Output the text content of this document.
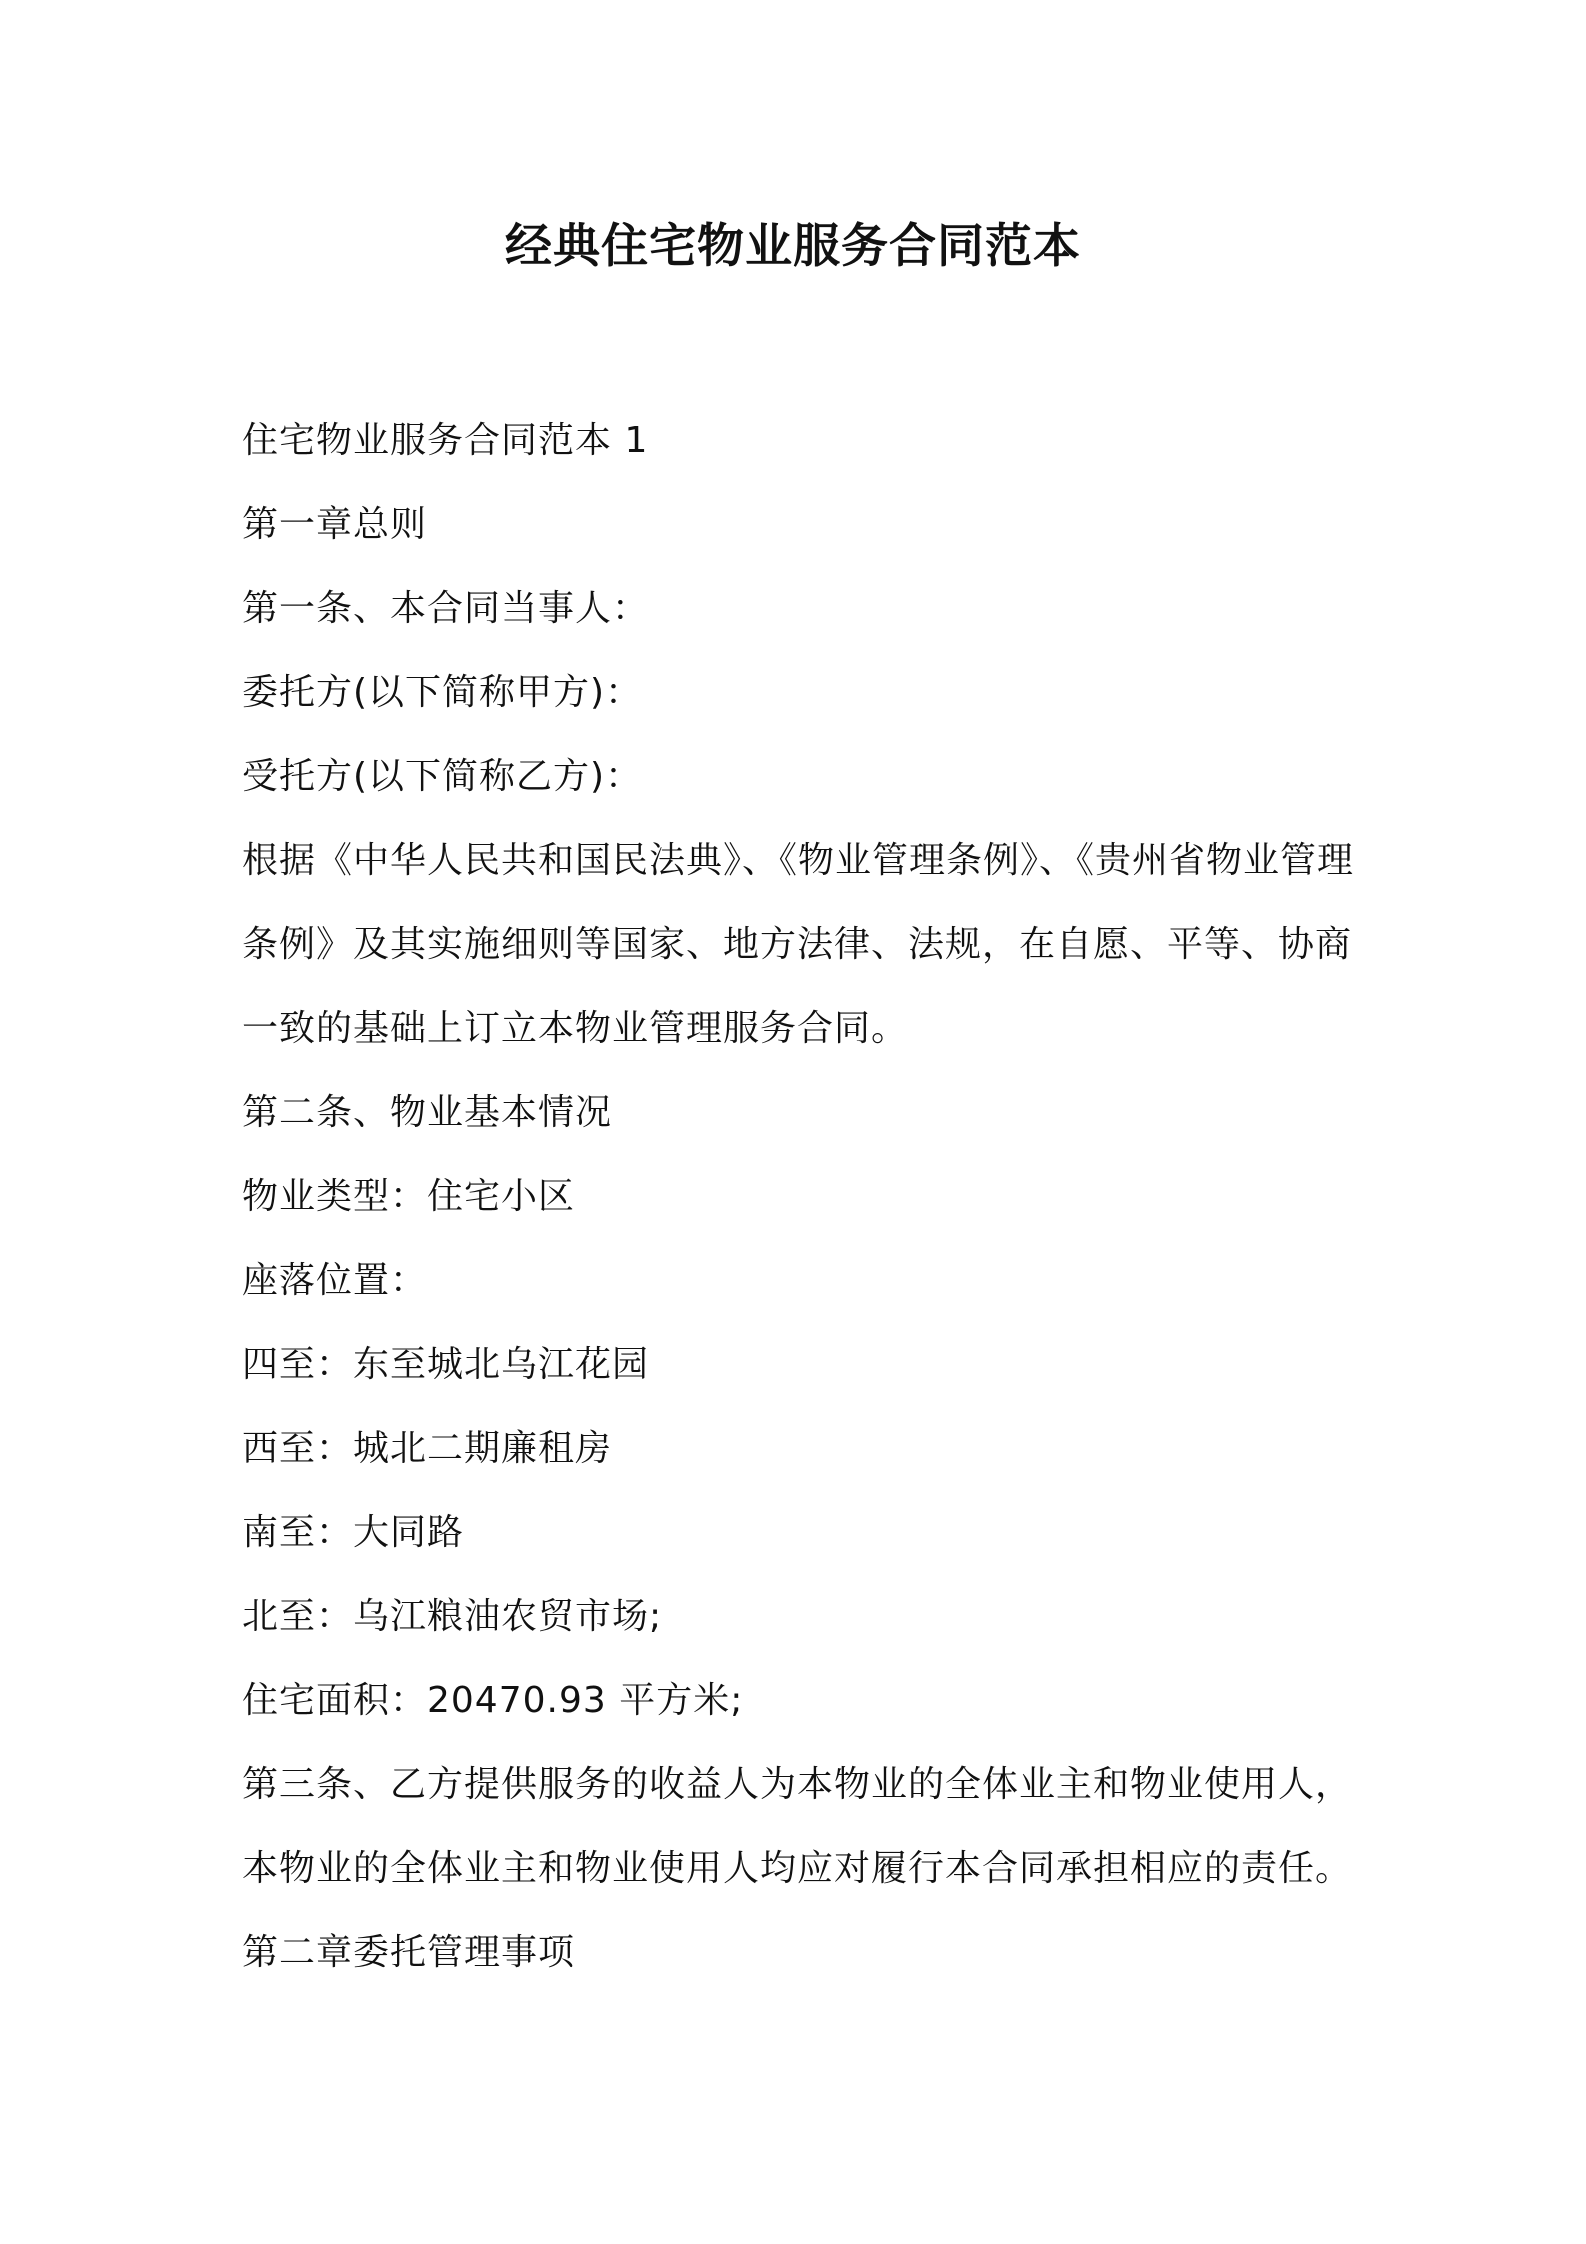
经典住宅物业服务合同范本
住宅物业服务合同范本 1
第一章总则
第一条、本合同当事人：
委托方(以下简称甲方)：
受托方(以下简称乙方)：
根据《中华人民共和国民法典》、《物业管理条例》、《贵州省物业管理
条例》及其实施细则等国家、地方法律、法规，在自愿、平等、协商
一致的基础上订立本物业管理服务合同。
第二条、物业基本情况
物业类型：住宅小区
座落位置：
四至：东至城北乌江花园
西至：城北二期廉租房
南至：大同路
北至：乌江粮油农贸市场;
住宅面积：20470.93 平方米;
第三条、乙方提供服务的收益人为本物业的全体业主和物业使用人，
本物业的全体业主和物业使用人均应对履行本合同承担相应的责任。
第二章委托管理事项
